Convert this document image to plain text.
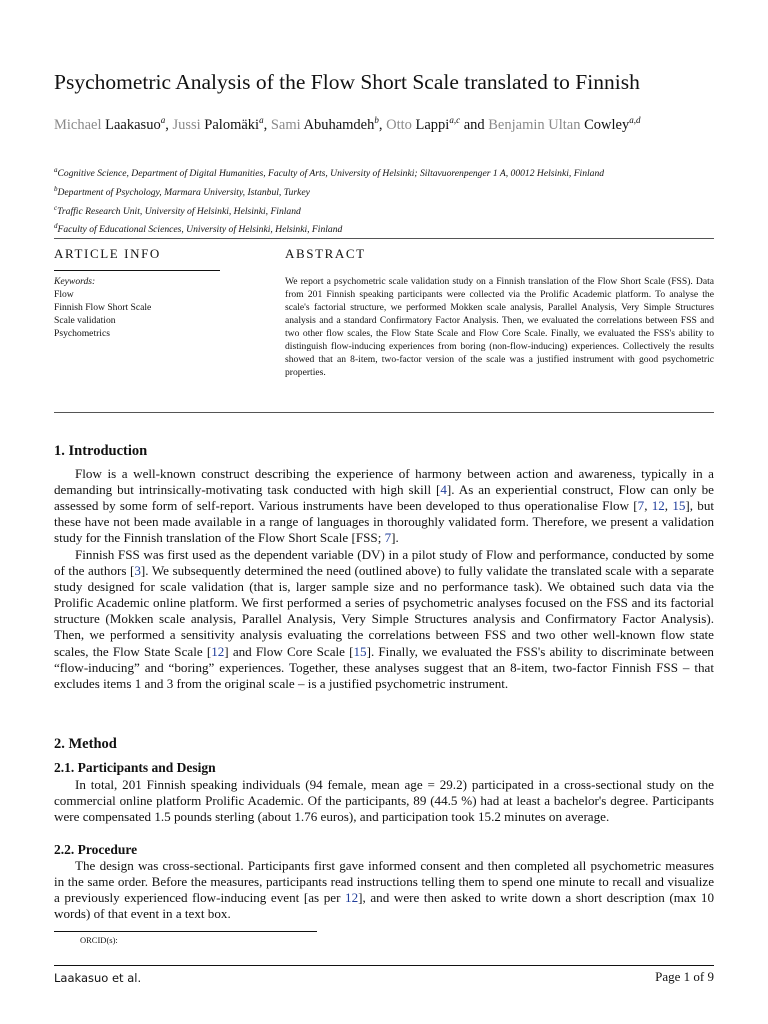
Psychometric Analysis of the Flow Short Scale translated to Finnish
Michael Laakasuo$^a$, Jussi Palomäki$^a$, Sami Abuhamdeh$^b$, Otto Lappi$^{a,c}$ and Benjamin Ultan Cowley$^{a,d}$
$^a$Cognitive Science, Department of Digital Humanities, Faculty of Arts, University of Helsinki; Siltavuorenpenger 1 A, 00012 Helsinki, Finland
$^b$Department of Psychology, Marmara University, Istanbul, Turkey
$^c$Traffic Research Unit, University of Helsinki, Helsinki, Finland
$^d$Faculty of Educational Sciences, University of Helsinki, Helsinki, Finland
ARTICLE INFO
Keywords:
Flow
Finnish Flow Short Scale
Scale validation
Psychometrics
ABSTRACT
We report a psychometric scale validation study on a Finnish translation of the Flow Short Scale (FSS). Data from 201 Finnish speaking participants were collected via the Prolific Academic platform. To analyse the scale's factorial structure, we performed Mokken scale analysis, Parallel Analysis, Very Simple Structures analysis and a standard Confirmatory Factor Analysis. Then, we evaluated the correlations between FSS and two other flow scales, the Flow State Scale and Flow Core Scale. Finally, we evaluated the FSS's ability to distinguish flow-inducing experiences from boring (non-flow-inducing) experiences. Collectively the results showed that an 8-item, two-factor version of the scale was a justified instrument with good psychometric properties.
1. Introduction
Flow is a well-known construct describing the experience of harmony between action and awareness, typically in a demanding but intrinsically-motivating task conducted with high skill [4]. As an experiential construct, Flow can only be assessed by some form of self-report. Various instruments have been developed to thus operationalise Flow [7, 12, 15], but these have not been made available in a range of languages in thoroughly validated form. Therefore, we present a validation study for the Finnish translation of the Flow Short Scale [FSS; 7].
Finnish FSS was first used as the dependent variable (DV) in a pilot study of Flow and performance, conducted by some of the authors [3]. We subsequently determined the need (outlined above) to fully validate the translated scale with a separate study designed for scale validation (that is, larger sample size and no performance task). We obtained such data via the Prolific Academic online platform. We first performed a series of psychometric analyses focused on the FSS and its factorial structure (Mokken scale analysis, Parallel Analysis, Very Simple Structures analysis and Confirmatory Factor Analysis). Then, we performed a sensitivity analysis evaluating the correlations between FSS and two other well-known flow state scales, the Flow State Scale [12] and Flow Core Scale [15]. Finally, we evaluated the FSS's ability to discriminate between “flow-inducing” and “boring” experiences. Together, these analyses suggest that an 8-item, two-factor Finnish FSS – that excludes items 1 and 3 from the original scale – is a justified psychometric instrument.
2. Method
2.1. Participants and Design
In total, 201 Finnish speaking individuals (94 female, mean age = 29.2) participated in a cross-sectional study on the commercial online platform Prolific Academic. Of the participants, 89 (44.5 %) had at least a bachelor's degree. Participants were compensated 1.5 pounds sterling (about 1.76 euros), and participation took 15.2 minutes on average.
2.2. Procedure
The design was cross-sectional. Participants first gave informed consent and then completed all psychometric measures in the same order. Before the measures, participants read instructions telling them to spend one minute to recall and visualize a previously experienced flow-inducing event [as per 12], and were then asked to write down a short description (max 10 words) of that event in a text box.
ORCID(s):
Laakasuo et al.	Page 1 of 9
